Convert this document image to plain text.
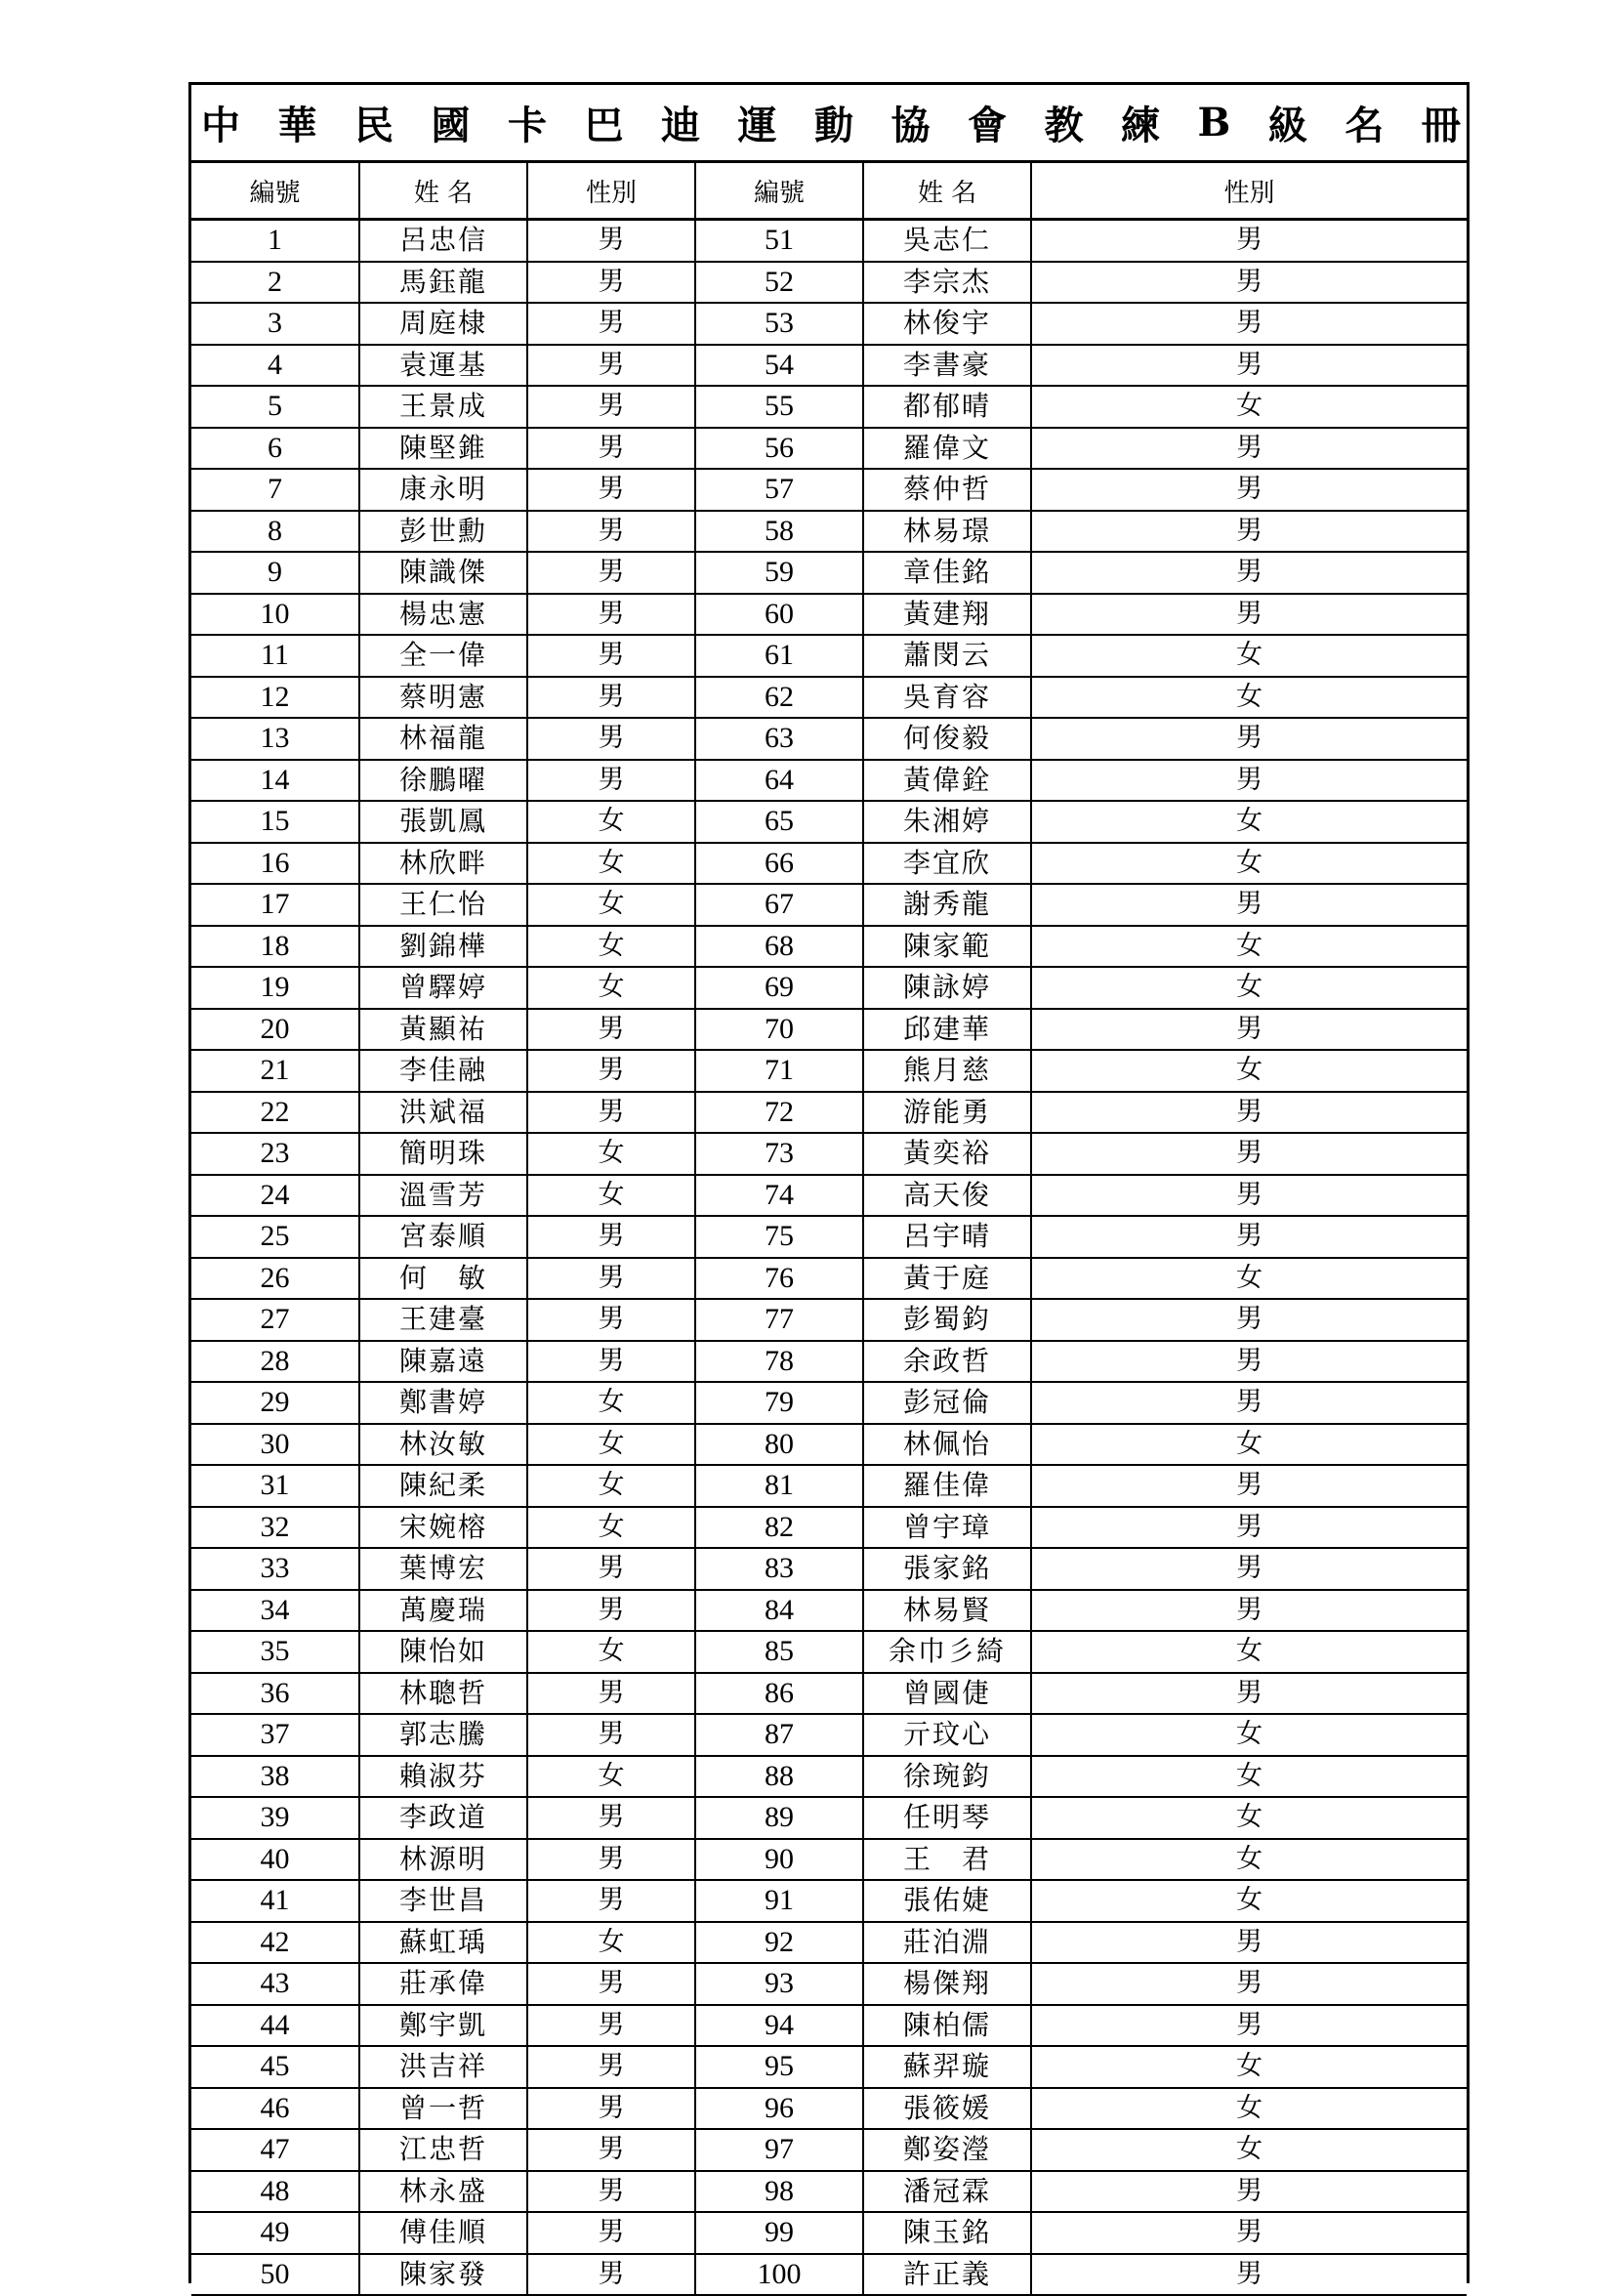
中 華 民 國 卡 巴 迪 運 動 協 會 教 練 B 級 名 冊
編號	姓 名	性別	編號	姓 名	性別
1	呂忠信	男	51	吳志仁	男
2	馬鈺龍	男	52	李宗杰	男
3	周庭棣	男	53	林俊宇	男
4	袁運基	男	54	李書豪	男
5	王景成	男	55	都郁晴	女
6	陳堅錐	男	56	羅偉文	男
7	康永明	男	57	蔡仲哲	男
8	彭世勳	男	58	林易璟	男
9	陳識傑	男	59	章佳銘	男
10	楊忠憲	男	60	黃建翔	男
11	全一偉	男	61	蕭閔云	女
12	蔡明憲	男	62	吳育容	女
13	林福龍	男	63	何俊毅	男
14	徐鵬曜	男	64	黃偉銓	男
15	張凱鳳	女	65	朱湘婷	女
16	林欣畔	女	66	李宜欣	女
17	王仁怡	女	67	謝秀龍	男
18	劉錦樺	女	68	陳家範	女
19	曾驛婷	女	69	陳詠婷	女
20	黃顯祐	男	70	邱建華	男
21	李佳融	男	71	熊月慈	女
22	洪斌福	男	72	游能勇	男
23	簡明珠	女	73	黃奕裕	男
24	溫雪芳	女	74	高天俊	男
25	宮泰順	男	75	呂宇晴	男
26	何　敏	男	76	黃于庭	女
27	王建臺	男	77	彭蜀鈞	男
28	陳嘉遠	男	78	余政哲	男
29	鄭書婷	女	79	彭冠倫	男
30	林汝敏	女	80	林佩怡	女
31	陳紀柔	女	81	羅佳偉	男
32	宋婉榕	女	82	曾宇璋	男
33	葉博宏	男	83	張家銘	男
34	萬慶瑞	男	84	林易賢	男
35	陳怡如	女	85	余巾彡綺	女
36	林聰哲	男	86	曾國倢	男
37	郭志騰	男	87	亓玟心	女
38	賴淑芬	女	88	徐琬鈞	女
39	李政道	男	89	任明琴	女
40	林源明	男	90	王　君	女
41	李世昌	男	91	張佑婕	女
42	蘇虹瑀	女	92	莊泊淵	男
43	莊承偉	男	93	楊傑翔	男
44	鄭宇凱	男	94	陳柏儒	男
45	洪吉祥	男	95	蘇羿璇	女
46	曾一哲	男	96	張筱媛	女
47	江忠哲	男	97	鄭姿瀅	女
48	林永盛	男	98	潘冠霖	男
49	傅佳順	男	99	陳玉銘	男
50	陳家發	男	100	許正義	男
